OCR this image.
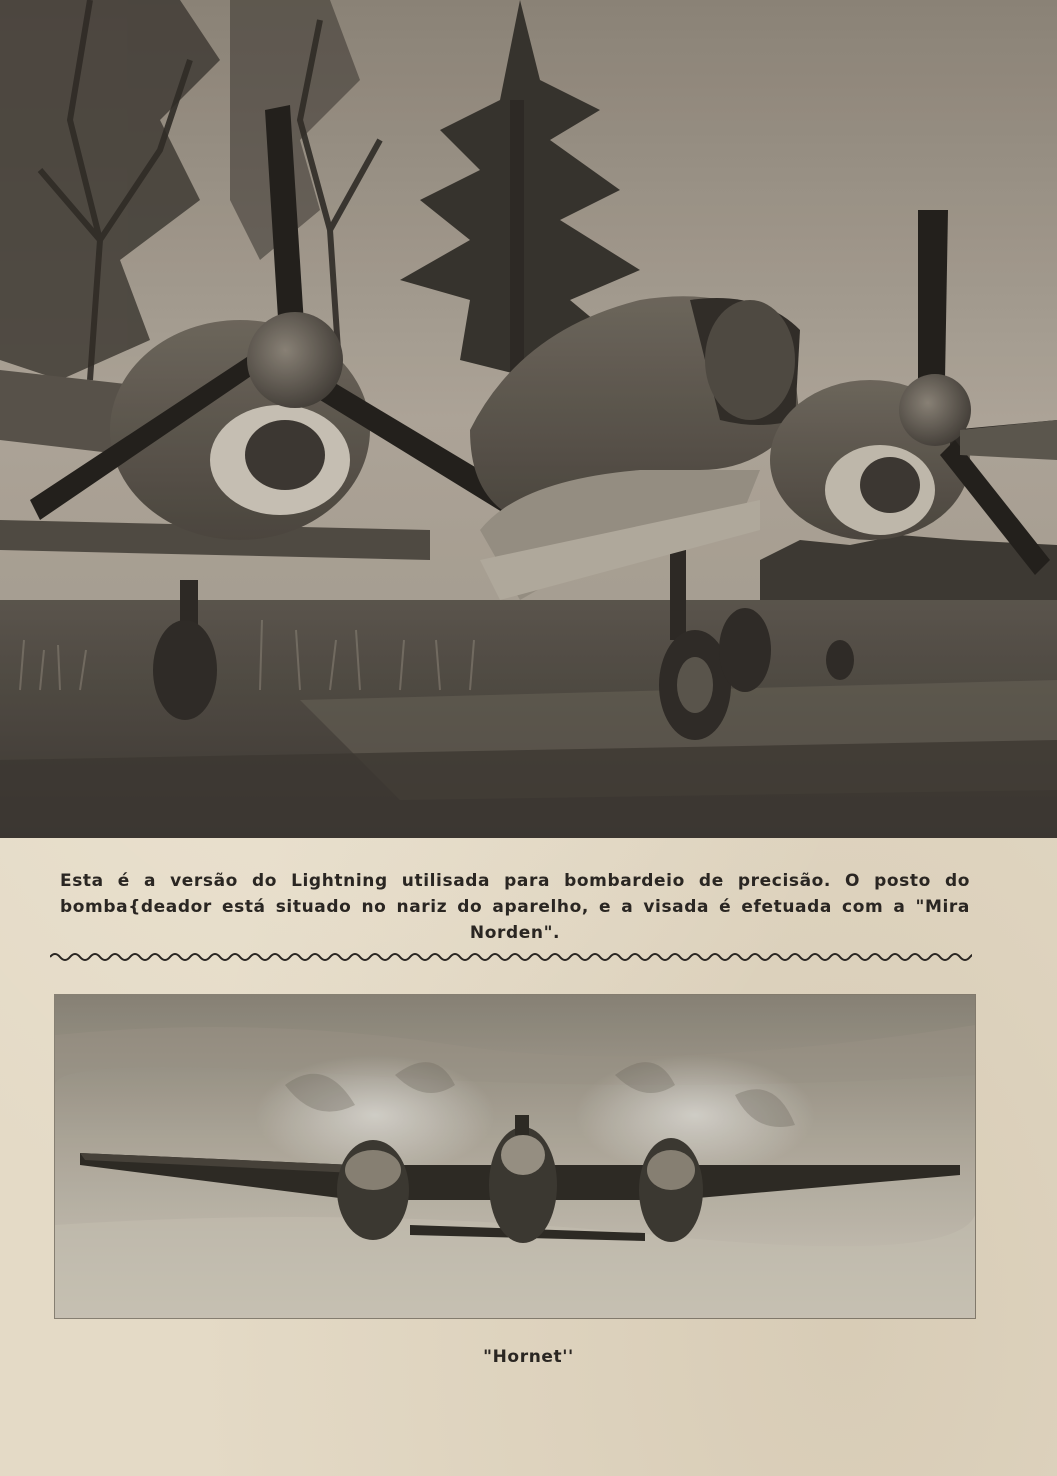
Esta é a versão do Lightning utilisada para bombardeio de precisão. O posto do bomba{deador está situado no nariz do aparelho, e a visada é efetuada com a "Mira Norden".
"Hornet''
